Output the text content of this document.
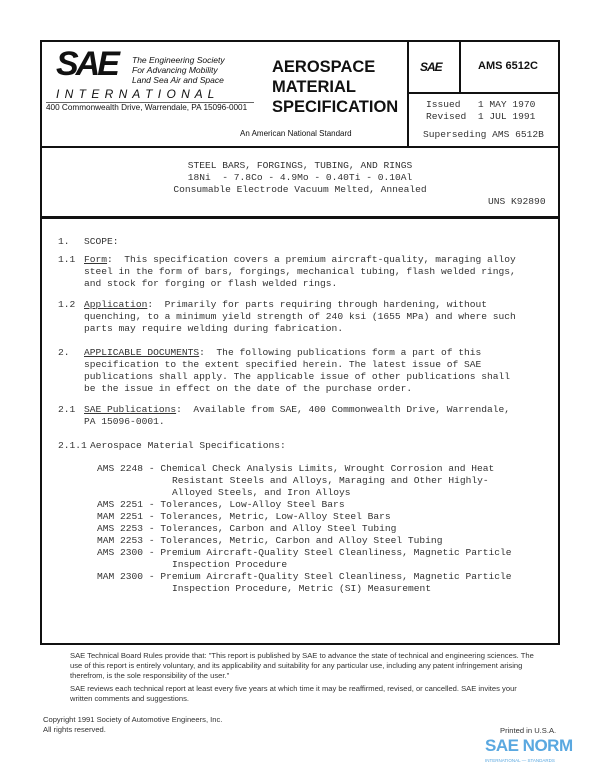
SAE The Engineering Society
For Advancing Mobility
Land Sea Air and Space
I N T E R N A T I O N A L
400 Commonwealth Drive, Warrendale, PA 15096-0001
AEROSPACE
MATERIAL
SPECIFICATION
An American National Standard
SAE	AMS 6512C
Issued 1 MAY 1970
Revised 1 JUL 1991
Superseding AMS 6512B
STEEL BARS, FORGINGS, TUBING, AND RINGS
18Ni  - 7.8Co - 4.9Mo - 0.40Ti - 0.10Al
Consumable Electrode Vacuum Melted, Annealed
UNS K92890
1. SCOPE:
1.1 Form:  This specification covers a premium aircraft-quality, maraging alloy
steel in the form of bars, forgings, mechanical tubing, flash welded rings,
and stock for forging or flash welded rings.
1.2 Application:  Primarily for parts requiring through hardening, without
quenching, to a minimum yield strength of 240 ksi (1655 MPa) and where such
parts may require welding during fabrication.
2. APPLICABLE DOCUMENTS:  The following publications form a part of this
specification to the extent specified herein. The latest issue of SAE
publications shall apply. The applicable issue of other publications shall
be the issue in effect on the date of the purchase order.
2.1 SAE Publications:  Available from SAE, 400 Commonwealth Drive, Warrendale,
PA 15096-0001.
2.1.1 Aerospace Material Specifications:
AMS 2248 - Chemical Check Analysis Limits, Wrought Corrosion and Heat
Resistant Steels and Alloys, Maraging and Other Highly-
Alloyed Steels, and Iron Alloys
AMS 2251 - Tolerances, Low-Alloy Steel Bars
MAM 2251 - Tolerances, Metric, Low-Alloy Steel Bars
AMS 2253 - Tolerances, Carbon and Alloy Steel Tubing
MAM 2253 - Tolerances, Metric, Carbon and Alloy Steel Tubing
AMS 2300 - Premium Aircraft-Quality Steel Cleanliness, Magnetic Particle
Inspection Procedure
MAM 2300 - Premium Aircraft-Quality Steel Cleanliness, Magnetic Particle
Inspection Procedure, Metric (SI) Measurement
SAE Technical Board Rules provide that: "This report is published by SAE to advance the state of technical and engineering sciences. The use of this report is entirely voluntary, and its applicability and suitability for any particular use, including any patent infringement arising therefrom, is the sole responsibility of the user."
SAE reviews each technical report at least every five years at which time it may be reaffirmed, revised, or cancelled. SAE invites your written comments and suggestions.
Copyright 1991 Society of Automotive Engineers, Inc.
All rights reserved.	Printed in U.S.A.
SAE NORM
INTERNATIONAL — STANDARDS
